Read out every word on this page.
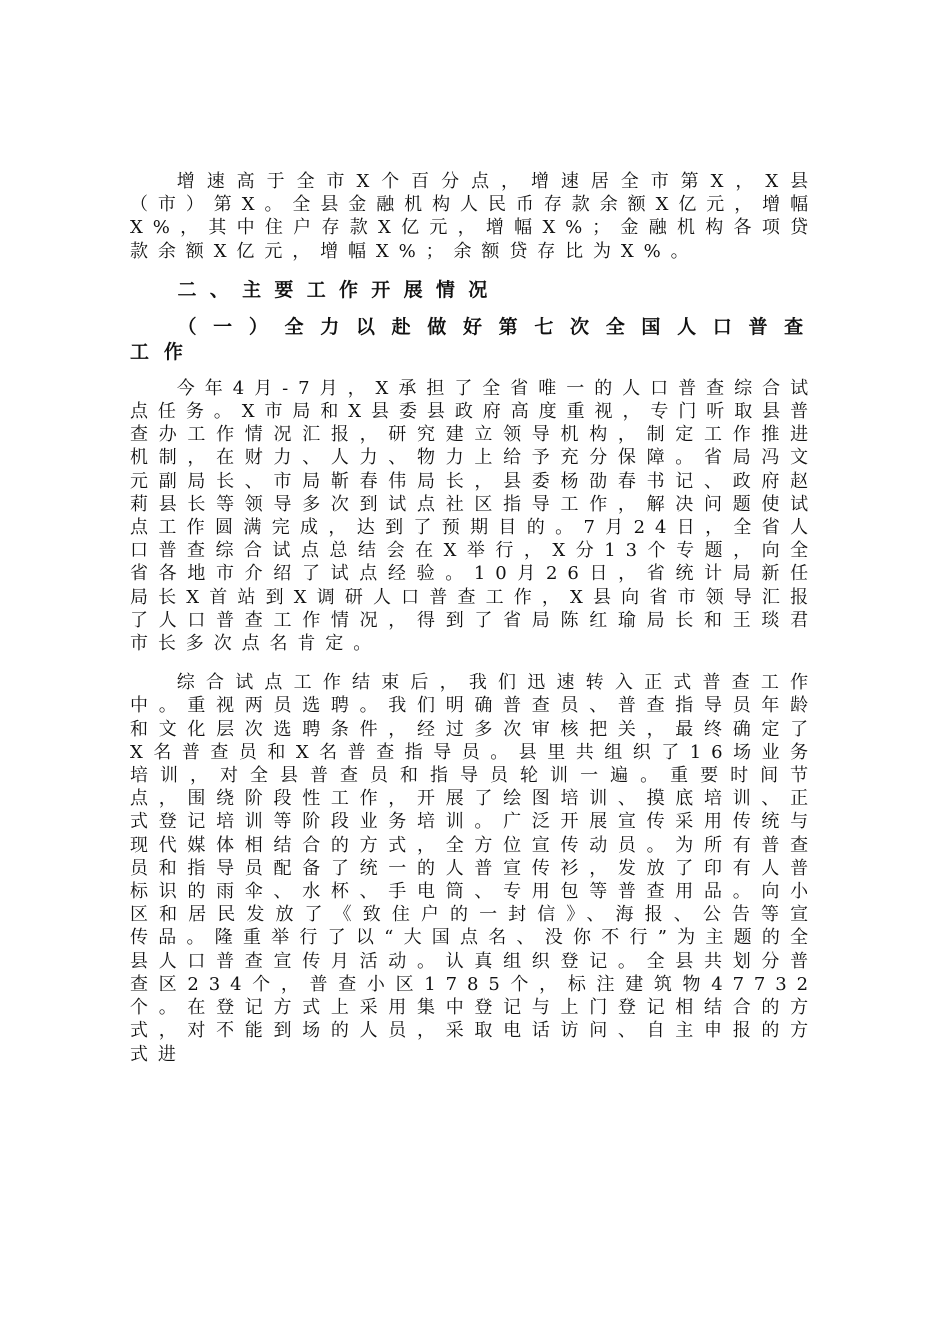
增速高于全市X个百分点，增速居全市第X，X县（市）第X。全县金融机构人民币存款余额X亿元，增幅X%，其中住户存款X亿元，增幅X%；金融机构各项贷款余额X亿元，增幅X%；余额贷存比为X%。

二、主要工作开展情况
（一）全力以赴做好第七次全国人口普查工作

今年4月-7月，X承担了全省唯一的人口普查综合试点任务。X市局和X县委县政府高度重视，专门听取县普查办工作情况汇报，研究建立领导机构，制定工作推进机制，在财力、人力、物力上给予充分保障。省局冯文元副局长、市局靳春伟局长，县委杨劭春书记、政府赵莉县长等领导多次到试点社区指导工作，解决问题使试点工作圆满完成，达到了预期目的。7月24日，全省人口普查综合试点总结会在X举行，X分13个专题，向全省各地市介绍了试点经验。10月26日，省统计局新任局长X首站到X调研人口普查工作，X县向省市领导汇报了人口普查工作情况，得到了省局陈红瑜局长和王琰君市长多次点名肯定。

综合试点工作结束后，我们迅速转入正式普查工作中。重视两员选聘。我们明确普查员、普查指导员年龄和文化层次选聘条件，经过多次审核把关，最终确定了X名普查员和X名普查指导员。县里共组织了16场业务培训，对全县普查员和指导员轮训一遍。重要时间节点，围绕阶段性工作，开展了绘图培训、摸底培训、正式登记培训等阶段业务培训。广泛开展宣传采用传统与现代媒体相结合的方式，全方位宣传动员。为所有普查员和指导员配备了统一的人普宣传衫，发放了印有人普标识的雨伞、水杯、手电筒、专用包等普查用品。向小区和居民发放了《致住户的一封信》、海报、公告等宣传品。隆重举行了以“大国点名、没你不行”为主题的全县人口普查宣传月活动。认真组织登记。全县共划分普查区234个，普查小区1785个，标注建筑物47732个。在登记方式上采用集中登记与上门登记相结合的方式，对不能到场的人员，采取电话访问、自主申报的方式进
